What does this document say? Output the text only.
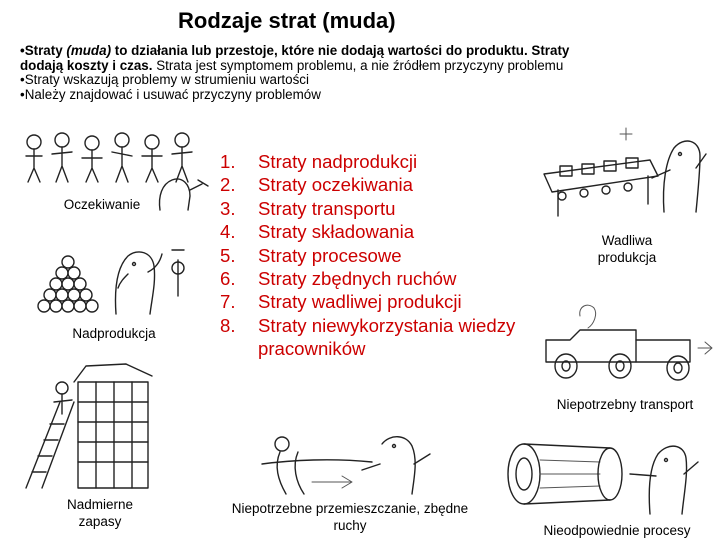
Rodzaje strat (muda)
•Straty (muda) to działania lub przestoje, które nie dodają wartości do produktu. Straty
dodają koszty i czas. Strata jest symptomem problemu, a nie źródłem przyczyny problemu
•Straty wskazują problemy w strumieniu wartości
•Należy znajdować i usuwać przyczyny problemów
1.	Straty nadprodukcji
2.	Straty oczekiwania
3.	Straty transportu
4.	Straty składowania
5.	Straty procesowe
6.	Straty zbędnych ruchów
7.	Straty wadliwej produkcji
8.	Straty niewykorzystania wiedzy pracowników
Oczekiwanie
Nadprodukcja
Wadliwa produkcja
Niepotrzebny transport
Nadmierne zapasy
Niepotrzebne przemieszczanie, zbędne ruchy	Nieodpowiednie procesy
